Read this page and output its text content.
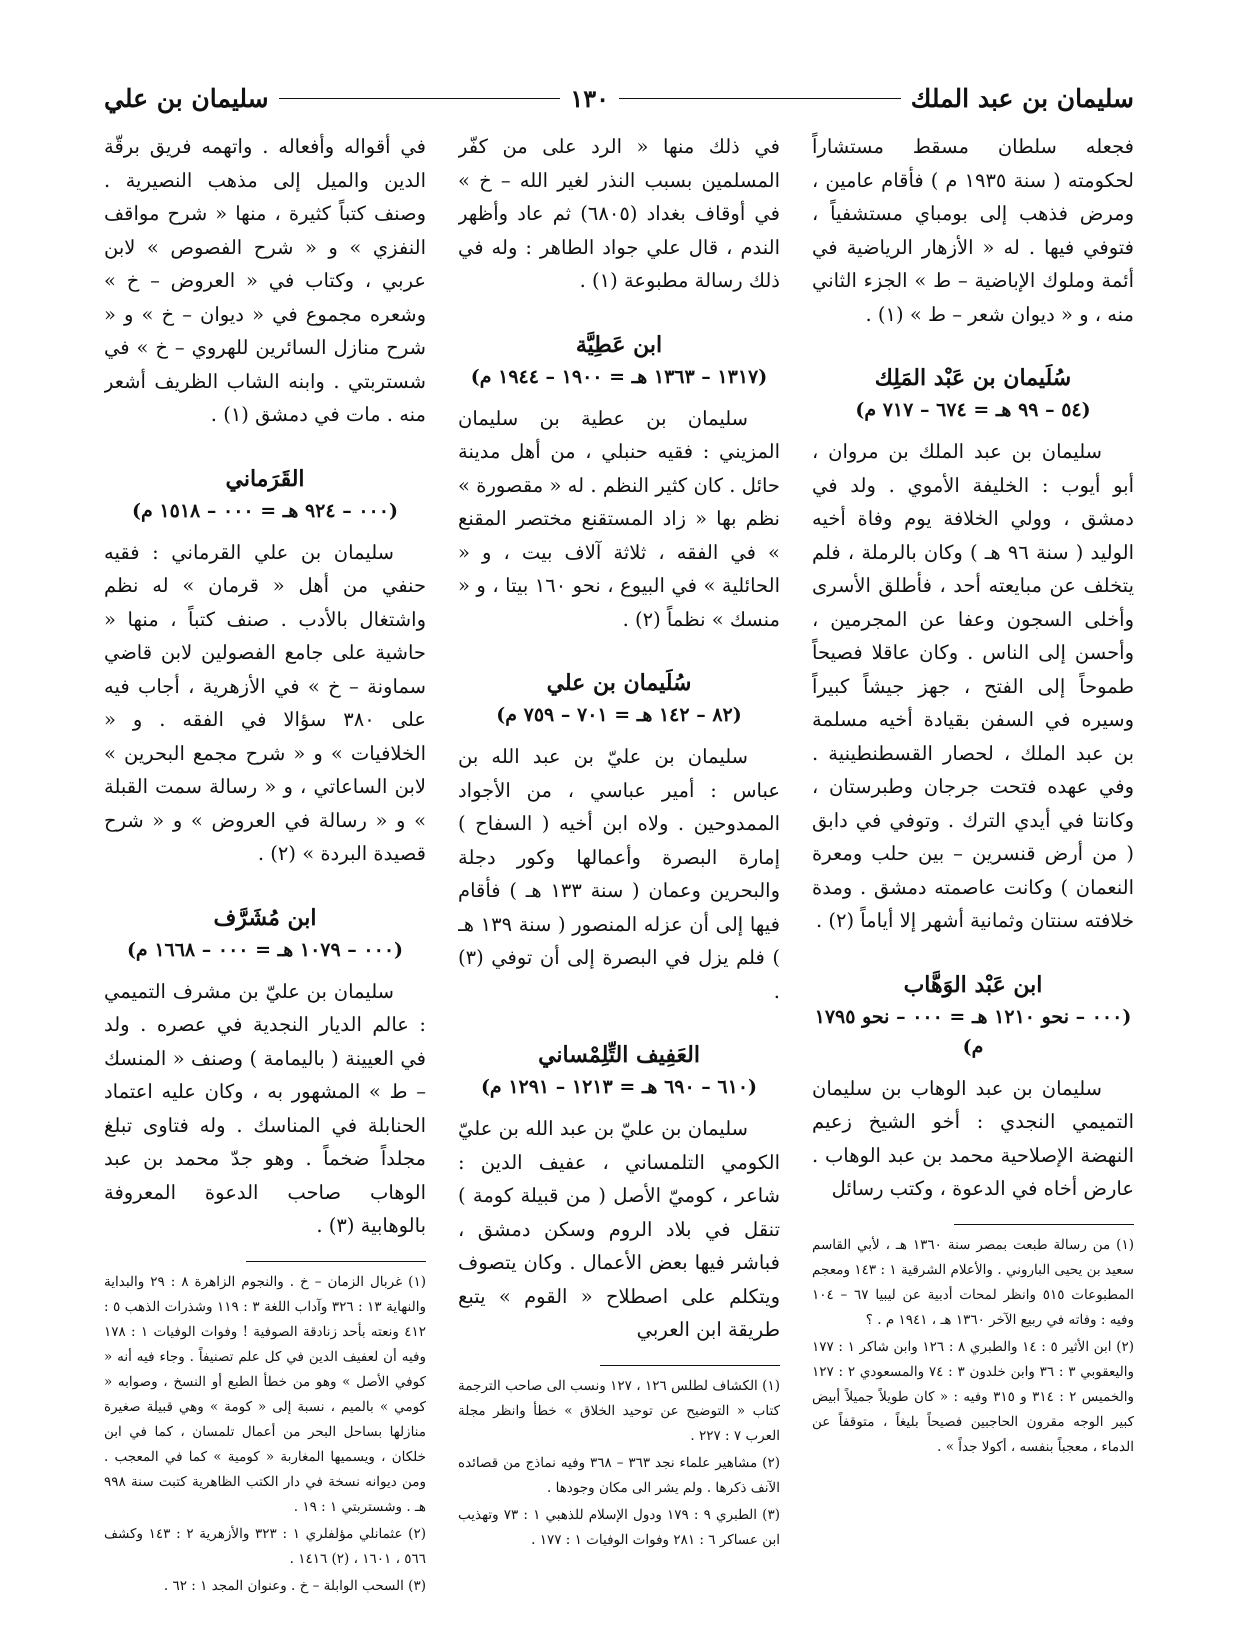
سليمان بن عبد الملك
١٣٠
سليمان بن علي

فجعله سلطان مسقط مستشاراً لحكومته ( سنة ١٩٣٥ م ) فأقام عامين ، ومرض فذهب إلى بومباي مستشفياً ، فتوفي فيها . له « الأزهار الرياضية في أئمة وملوك الإباضية – ط » الجزء الثاني منه ، و « ديوان شعر – ط » (١) .

سُلَيمان بن عَبْد المَلِك
(٥٤ – ٩٩ هـ = ٦٧٤ – ٧١٧ م)

سليمان بن عبد الملك بن مروان ، أبو أيوب : الخليفة الأموي . ولد في دمشق ، وولي الخلافة يوم وفاة أخيه الوليد ( سنة ٩٦ هـ ) وكان بالرملة ، فلم يتخلف عن مبايعته أحد ، فأطلق الأسرى وأخلى السجون وعفا عن المجرمين ، وأحسن إلى الناس . وكان عاقلا فصيحاً طموحاً إلى الفتح ، جهز جيشاً كبيراً وسيره في السفن بقيادة أخيه مسلمة بن عبد الملك ، لحصار القسطنطينية . وفي عهده فتحت جرجان وطبرستان ، وكانتا في أيدي الترك . وتوفي في دابق ( من أرض قنسرين – بين حلب ومعرة النعمان ) وكانت عاصمته دمشق . ومدة خلافته سنتان وثمانية أشهر إلا أياماً (٢) .

ابن عَبْد الوَهَّاب
(٠٠٠ – نحو ١٢١٠ هـ = ٠٠٠ – نحو ١٧٩٥ م)

سليمان بن عبد الوهاب بن سليمان التميمي النجدي : أخو الشيخ زعيم النهضة الإصلاحية محمد بن عبد الوهاب . عارض أخاه في الدعوة ، وكتب رسائل

(١) من رسالة طبعت بمصر سنة ١٣٦٠ هـ ، لأبي القاسم سعيد بن يحيى الباروني . والأعلام الشرقية ١ : ١٤٣ ومعجم المطبوعات ٥١٥ وانظر لمحات أدبية عن ليبيا ٦٧ – ١٠٤ وفيه : وفاته في ربيع الآخر ١٣٦٠ هـ ، ١٩٤١ م . ؟

(٢) ابن الأثير ٥ : ١٤ والطبري ٨ : ١٢٦ وابن شاكر ١ : ١٧٧ واليعقوبي ٣ : ٣٦ وابن خلدون ٣ : ٧٤ والمسعودي ٢ : ١٢٧ والخميس ٢ : ٣١٤ و ٣١٥ وفيه : « كان طويلاً جميلاً أبيض كبير الوجه مقرون الحاجبين فصيحاً بليغاً ، متوقفاً عن الدماء ، معجباً بنفسه ، أكولا جداً » .

في ذلك منها « الرد على من كفّر المسلمين بسبب النذر لغير الله – خ » في أوقاف بغداد (٦٨٠٥) ثم عاد وأظهر الندم ، قال علي جواد الطاهر : وله في ذلك رسالة مطبوعة (١) .

ابن عَطِيَّة
(١٣١٧ – ١٣٦٣ هـ = ١٩٠٠ – ١٩٤٤ م)

سليمان بن عطية بن سليمان المزيني : فقيه حنبلي ، من أهل مدينة حائل . كان كثير النظم . له « مقصورة » نظم بها « زاد المستقنع مختصر المقنع » في الفقه ، ثلاثة آلاف بيت ، و « الحائلية » في البيوع ، نحو ١٦٠ بيتا ، و « منسك » نظماً (٢) .

سُلَيمان بن علي
(٨٢ – ١٤٢ هـ = ٧٠١ – ٧٥٩ م)

سليمان بن عليّ بن عبد الله بن عباس : أمير عباسي ، من الأجواد الممدوحين . ولاه ابن أخيه ( السفاح ) إمارة البصرة وأعمالها وكور دجلة والبحرين وعمان ( سنة ١٣٣ هـ ) فأقام فيها إلى أن عزله المنصور ( سنة ١٣٩ هـ ) فلم يزل في البصرة إلى أن توفي (٣) .

العَفِيف التِّلِمْساني
(٦١٠ – ٦٩٠ هـ = ١٢١٣ – ١٢٩١ م)

سليمان بن عليّ بن عبد الله بن عليّ الكومي التلمساني ، عفيف الدين : شاعر ، كوميّ الأصل ( من قبيلة كومة ) تنقل في بلاد الروم وسكن دمشق ، فباشر فيها بعض الأعمال . وكان يتصوف ويتكلم على اصطلاح « القوم » يتبع طريقة ابن العربي

(١) الكشاف لطلس ١٢٦ ، ١٢٧ ونسب الى صاحب الترجمة كتاب « التوضيح عن توحيد الخلاق » خطأ وانظر مجلة العرب ٧ : ٢٢٧ .

(٢) مشاهير علماء نجد ٣٦٣ – ٣٦٨ وفيه نماذج من قصائده الآنف ذكرها . ولم يشر الى مكان وجودها .

(٣) الطبري ٩ : ١٧٩ ودول الإسلام للذهبي ١ : ٧٣ وتهذيب ابن عساكر ٦ : ٢٨١ وفوات الوفيات ١ : ١٧٧ .

في أقواله وأفعاله . واتهمه فريق برقّة الدين والميل إلى مذهب النصيرية . وصنف كتباً كثيرة ، منها « شرح مواقف النفزي » و « شرح الفصوص » لابن عربي ، وكتاب في « العروض – خ » وشعره مجموع في « ديوان – خ » و « شرح منازل السائرين للهروي – خ » في شستربتي . وابنه الشاب الظريف أشعر منه . مات في دمشق (١) .

القَرَماني
(٠٠٠ – ٩٢٤ هـ = ٠٠٠ – ١٥١٨ م)

سليمان بن علي القرماني : فقيه حنفي من أهل « قرمان » له نظم واشتغال بالأدب . صنف كتباً ، منها « حاشية على جامع الفصولين لابن قاضي سماونة – خ » في الأزهرية ، أجاب فيه على ٣٨٠ سؤالا في الفقه . و « الخلافيات » و « شرح مجمع البحرين » لابن الساعاتي ، و « رسالة سمت القبلة » و « رسالة في العروض » و « شرح قصيدة البردة » (٢) .

ابن مُشَرَّف
(٠٠٠ – ١٠٧٩ هـ = ٠٠٠ – ١٦٦٨ م)

سليمان بن عليّ بن مشرف التميمي : عالم الديار النجدية في عصره . ولد في العيينة ( باليمامة ) وصنف « المنسك – ط » المشهور به ، وكان عليه اعتماد الحنابلة في المناسك . وله فتاوى تبلغ مجلداً ضخماً . وهو جدّ محمد بن عبد الوهاب صاحب الدعوة المعروفة بالوهابية (٣) .

(١) غربال الزمان – خ . والنجوم الزاهرة ٨ : ٢٩ والبداية والنهاية ١٣ : ٣٢٦ وآداب اللغة ٣ : ١١٩ وشذرات الذهب ٥ : ٤١٢ ونعته بأحد زنادقة الصوفية ! وفوات الوفيات ١ : ١٧٨ وفيه أن لعفيف الدين في كل علم تصنيفاً . وجاء فيه أنه « كوفي الأصل » وهو من خطأ الطبع أو النسخ ، وصوابه « كومي » بالميم ، نسبة إلى « كومة » وهي قبيلة صغيرة منازلها بساحل البحر من أعمال تلمسان ، كما في ابن خلكان ، ويسميها المغاربة « كومية » كما في المعجب . ومن ديوانه نسخة في دار الكتب الظاهرية كتبت سنة ٩٩٨ هـ . وشستربتي ١ : ١٩ .

(٢) عثمانلي مؤلفلري ١ : ٣٢٣ والأزهرية ٢ : ١٤٣ وكشف ٥٦٦ ، ١٦٠١ ، (٢) ١٤١٦ .

(٣) السحب الوابلة – خ . وعنوان المجد ١ : ٦٢ .
